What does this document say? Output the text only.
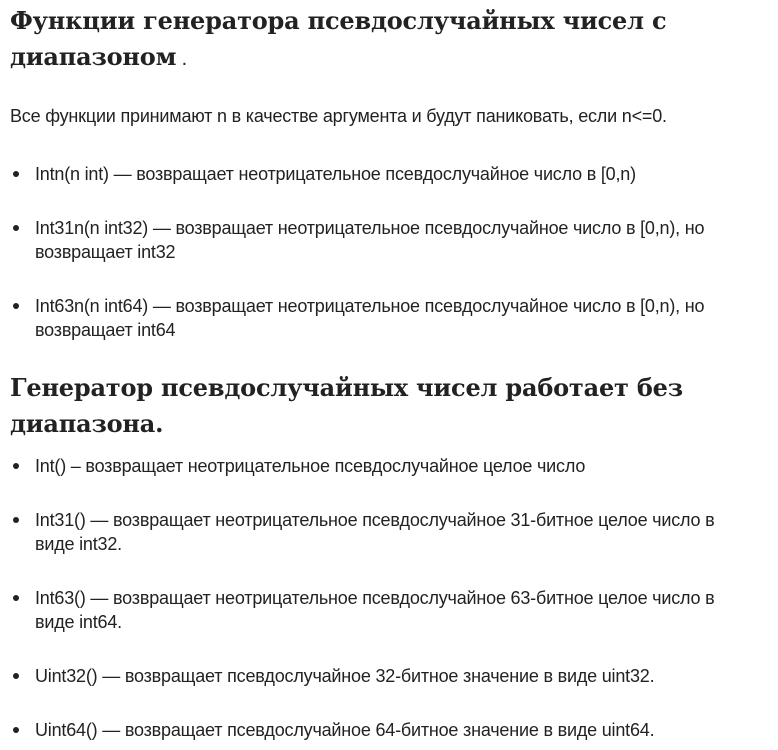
Функции генератора псевдослучайных чисел с диапазоном .

Все функции принимают n в качестве аргумента и будут паниковать, если n<=0.

Intn(n int) — возвращает неотрицательное псевдослучайное число в [0,n)
Int31n(n int32) — возвращает неотрицательное псевдослучайное число в [0,n), но возвращает int32
Int63n(n int64) — возвращает неотрицательное псевдослучайное число в [0,n), но возвращает int64
Генератор псевдослучайных чисел работает без диапазона.
Int() – возвращает неотрицательное псевдослучайное целое число
Int31() — возвращает неотрицательное псевдослучайное 31-битное целое число в виде int32.
Int63() — возвращает неотрицательное псевдослучайное 63-битное целое число в виде int64.
Uint32() — возвращает псевдослучайное 32-битное значение в виде uint32.
Uint64() — возвращает псевдослучайное 64-битное значение в виде uint64.
